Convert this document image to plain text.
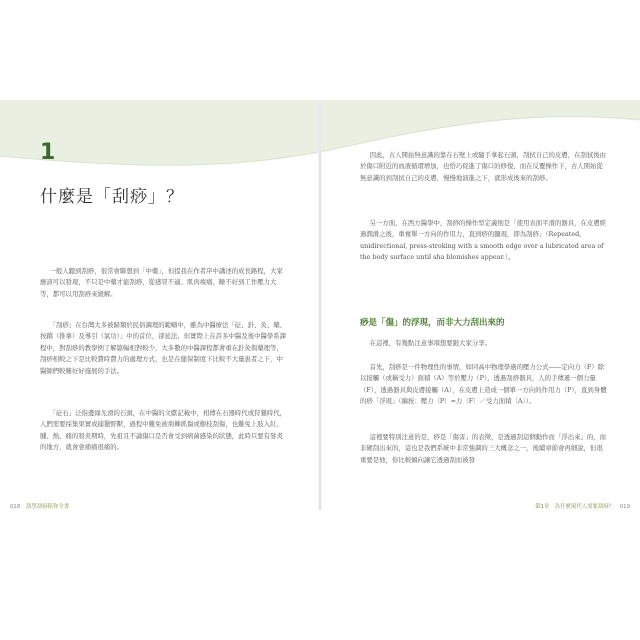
1
什麼是「刮痧」？

一般人聽到刮痧，很常會聯想到「中藥」，但提我在作者序中講述的成長路程，大家應該可以發現，不只是中藥才能刮痧，從感冒不適、肌肉痠痛、睡不好到工作壓力大等，都可以用刮痧來緩解。

「刮痧」在台灣大多被歸類於民俗調理的範疇中，雖為中醫療法「砭、針、灸、藥、按蹻（推拿）及導引（氣功）」中的首位，卻延法，但實際上在許多中醫及後中醫學系課程中，對刮痧的教學例了解篇幅相對較少，大多數的中醫課程都著重在針灸與藥理等，刮痧相較之下是比較費時費力的處理方式，也是在健保制度下比較不大量患者之下，中醫師們較難好好施展的手法。

「砭石」泛指邊緣光滑的石頭，在中醫的文獻記載中，相傳在石器時代或狩獵時代，人們需要採集果實或捕獵野獸，過程中難免被荊棘抓傷或樹枝刮傷，也難免上肢入紅、腫、熱、痛的發炎期時，先祖且不論傷口是否會受到病菌感染的狀態，此時只要有發炎的地方，就會會痛痛很痛的。

018 刮學刮痧陪你全書

因此，古人開始無意識的靠在石壁上或隨手拿起石頭，刮拭自己的皮膚，在刮拭後由於傷口附近的血液循環增加，也恰巧促進了傷口的修復，而在反覆操作下，古人開始從無意識的到刮拭自己的皮膚，慢慢地演進之下，就形成後來的刮痧。

另一方面，在西方醫學中，刮痧的操作型定義則是「使用表面平滑的器具，在皮膚經過潤滑之後，重複單一方向的作用力，直到痧的顯現，即為刮痧」（Repeated, unidirectional, press-stroking with a smooth edge over a lubricated area of the body surface until sha blemishes appear.）。

痧是「傷」的浮現，而非大力刮出來的

在這裡，有幾點注意事項想要跟大家分享。

首先，刮痧是一件物理性的事情，如同高中物理學過的壓力公式——定向力（F）除以接觸（或稱受力）面積（A）等於壓力（P），透過刮痧器具，人的手傳遞一個力量（F），透過器具與皮膚接觸（A），在皮膚上造成一個單一方向的作用力（P），直到身體的痧「浮現」（編按：壓力〔P〕=力〔F〕／受力面積〔A〕）。

這裡要特別注意的是，痧是「傷害」的表徵，是透過刮這個動作而「浮出來」的，而非硬刮出來的，這也是我們系統中非常強調的三大概念之一，後續章節會再細說，但很重要是他，你比較傾向讓它透過刮而被發

第1章　為什麼現代人需要刮痧？ 019
